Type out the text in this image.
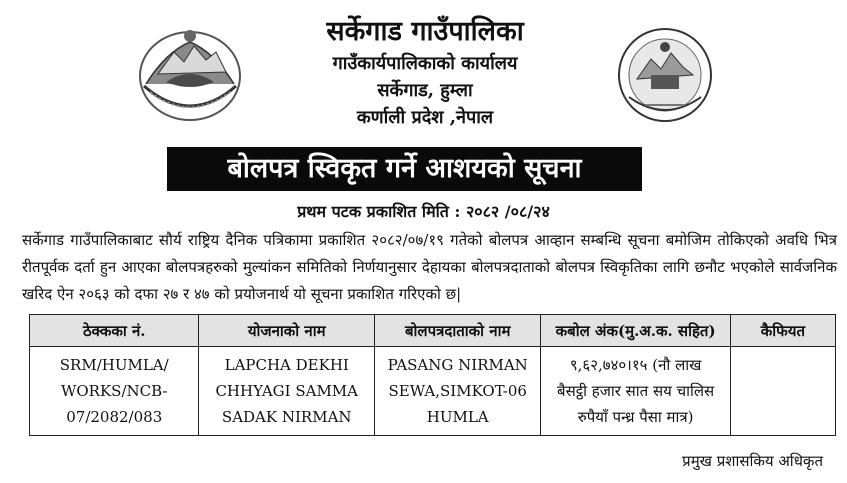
सर्केगाड गाउँपालिका
गाउँकार्यपालिकाको कार्यालय
सर्केगाड, हुम्ला
कर्णाली प्रदेश ,नेपाल
बोलपत्र स्विकृत गर्ने आशयको सूचना
प्रथम पटक प्रकाशित मिति : २०८२ /०८/२४
सर्केगाड गाउँपालिकाबाट सौर्य राष्ट्रिय दैनिक पत्रिकामा प्रकाशित २०८२/०७/१९ गतेको बोलपत्र आव्हान सम्बन्धि सूचना बमोजिम तोकिएको अवधि भित्र रीतपूर्वक दर्ता हुन आएका बोलपत्रहरुको मुल्यांकन समितिको निर्णयानुसार देहायका बोलपत्रदाताको बोलपत्र स्विकृतिका लागि छनौट भएकोले सार्वजनिक खरिद ऐन २०६३ को दफा २७ र ४७ को प्रयोजनार्थ यो सूचना प्रकाशित गरिएको छ|
ठेक्कका नं.	योजनाको नाम	बोलपत्रदाताको नाम	कबोल अंक(मु.अ.क. सहित)	कैफियत
SRM/HUMLA/
WORKS/NCB-
07/2082/083	LAPCHA DEKHI
CHHYAGI SAMMA
SADAK NIRMAN	PASANG NIRMAN
SEWA,SIMKOT-06
HUMLA	९,६२,७४०।१५ (नौ लाख
बैसट्ठी हजार सात सय चालिस
रुपैयाँ पन्ध्र पैसा मात्र)	
प्रमुख प्रशासकिय अधिकृत
